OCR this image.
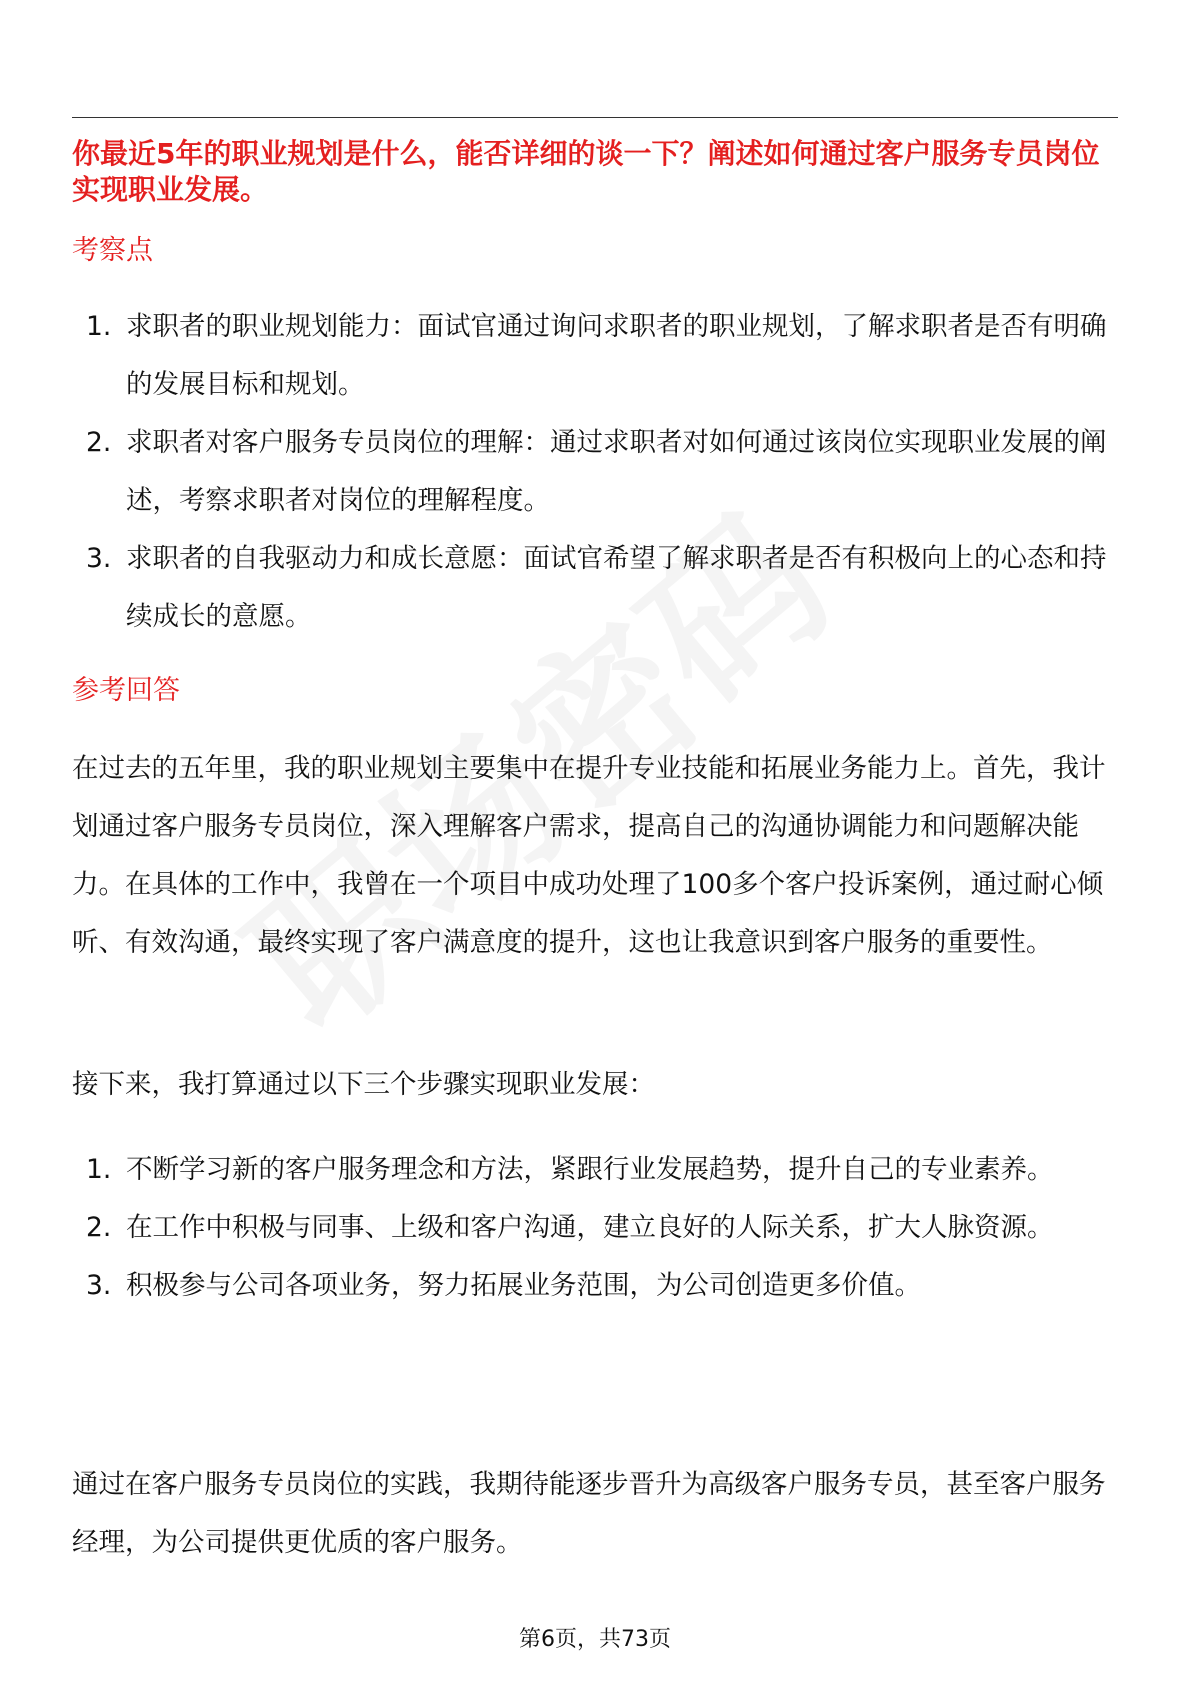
你最近5年的职业规划是什么，能否详细的谈一下？阐述如何通过客户服务专员岗位实现职业发展。
考察点
1. 求职者的职业规划能力：面试官通过询问求职者的职业规划，了解求职者是否有明确的发展目标和规划。
2. 求职者对客户服务专员岗位的理解：通过求职者对如何通过该岗位实现职业发展的阐述，考察求职者对岗位的理解程度。
3. 求职者的自我驱动力和成长意愿：面试官希望了解求职者是否有积极向上的心态和持续成长的意愿。
参考回答

在过去的五年里，我的职业规划主要集中在提升专业技能和拓展业务能力上。首先，我计划通过客户服务专员岗位，深入理解客户需求，提高自己的沟通协调能力和问题解决能力。在具体的工作中，我曾在一个项目中成功处理了100多个客户投诉案例，通过耐心倾听、有效沟通，最终实现了客户满意度的提升，这也让我意识到客户服务的重要性。

接下来，我打算通过以下三个步骤实现职业发展：

1. 不断学习新的客户服务理念和方法，紧跟行业发展趋势，提升自己的专业素养。
2. 在工作中积极与同事、上级和客户沟通，建立良好的人际关系，扩大人脉资源。
3. 积极参与公司各项业务，努力拓展业务范围，为公司创造更多价值。

通过在客户服务专员岗位的实践，我期待能逐步晋升为高级客户服务专员，甚至客户服务经理，为公司提供更优质的客户服务。

第6页，共73页
